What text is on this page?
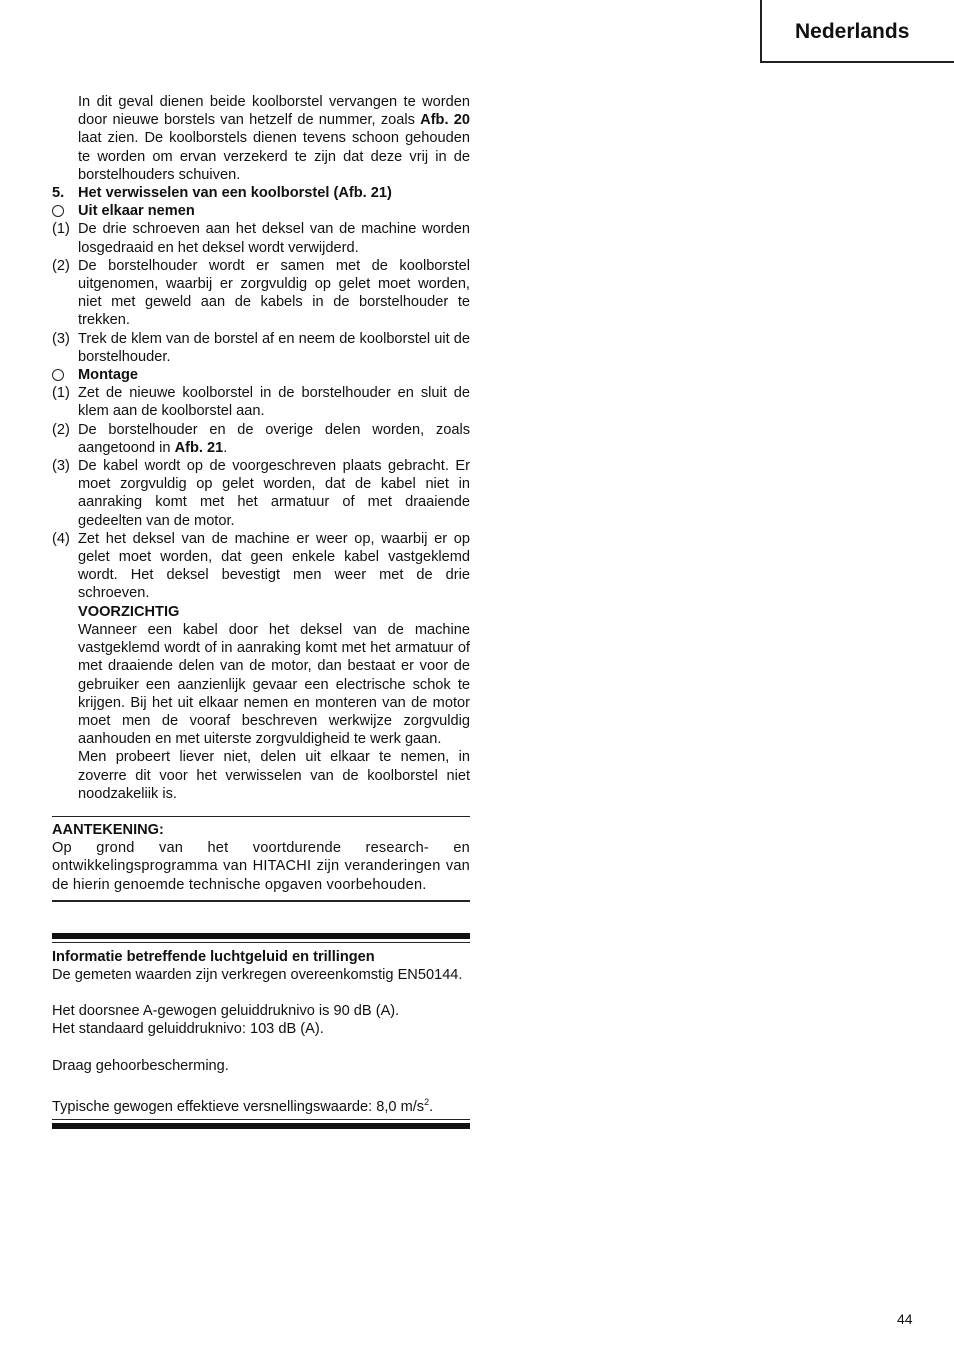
Nederlands
In dit geval dienen beide koolborstel vervangen te worden door nieuwe borstels van hetzelf de nummer, zoals Afb. 20 laat zien. De koolborstels dienen tevens schoon gehouden te worden om ervan verzekerd te zijn dat deze vrij in de borstelhouders schuiven.
5. Het verwisselen van een koolborstel (Afb. 21)
Uit elkaar nemen
(1) De drie schroeven aan het deksel van de machine worden losgedraaid en het deksel wordt verwijderd.
(2) De borstelhouder wordt er samen met de koolborstel uitgenomen, waarbij er zorgvuldig op gelet moet worden, niet met geweld aan de kabels in de borstelhouder te trekken.
(3) Trek de klem van de borstel af en neem de koolborstel uit de borstelhouder.
Montage
(1) Zet de nieuwe koolborstel in de borstelhouder en sluit de klem aan de koolborstel aan.
(2) De borstelhouder en de overige delen worden, zoals aangetoond in Afb. 21.
(3) De kabel wordt op de voorgeschreven plaats gebracht. Er moet zorgvuldig op gelet worden, dat de kabel niet in aanraking komt met het armatuur of met draaiende gedeelten van de motor.
(4) Zet het deksel van de machine er weer op, waarbij er op gelet moet worden, dat geen enkele kabel vastgeklemd wordt. Het deksel bevestigt men weer met de drie schroeven.
VOORZICHTIG
Wanneer een kabel door het deksel van de machine vastgeklemd wordt of in aanraking komt met het armatuur of met draaiende delen van de motor, dan bestaat er voor de gebruiker een aanzienlijk gevaar een electrische schok te krijgen. Bij het uit elkaar nemen en monteren van de motor moet men de vooraf beschreven werkwijze zorgvuldig aanhouden en met uiterste zorgvuldigheid te werk gaan.
Men probeert liever niet, delen uit elkaar te nemen, in zoverre dit voor het verwisselen van de koolborstel niet noodzakeliik is.
AANTEKENING:
Op grond van het voortdurende research- en ontwikkelingsprogramma van HITACHI zijn veranderingen van de hierin genoemde technische opgaven voorbehouden.
Informatie betreffende luchtgeluid en trillingen
De gemeten waarden zijn verkregen overeenkomstig EN50144.
Het doorsnee A-gewogen geluiddruknivo is 90 dB (A).
Het standaard geluiddruknivo: 103 dB (A).
Draag gehoorbescherming.
Typische gewogen effektieve versnellingswaarde: 8,0 $m/s^2$.
44
